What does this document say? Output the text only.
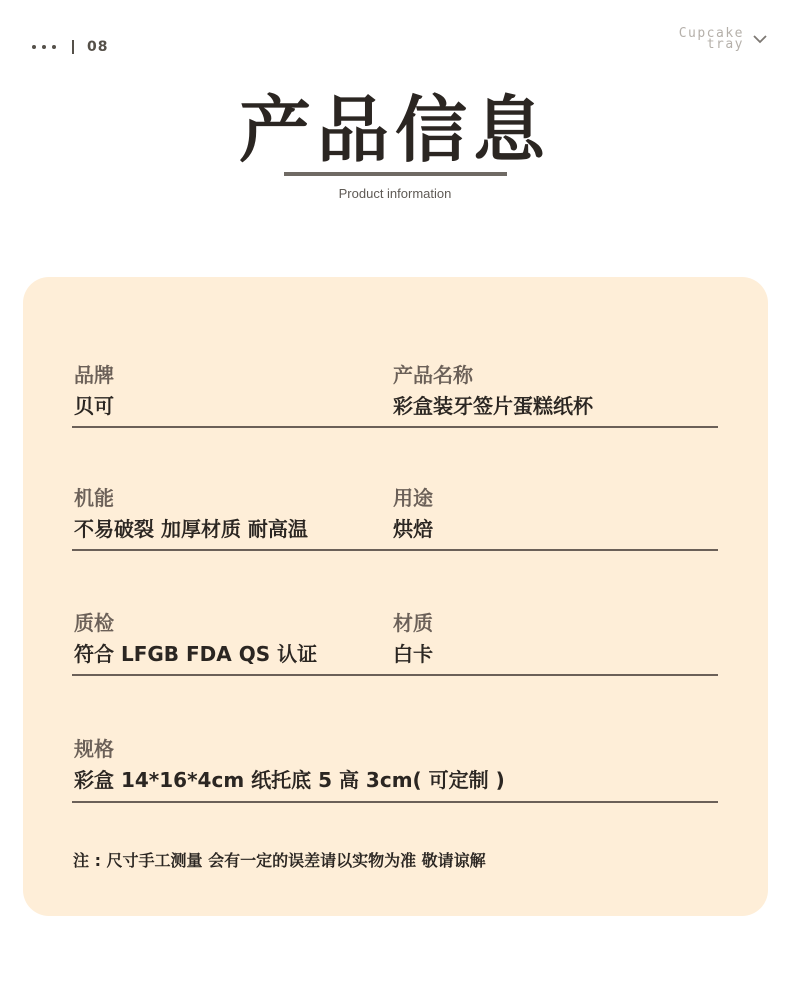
08
Cupcake
tray
产品信息
Product information
品牌
贝可
产品名称
彩盒装牙签片蛋糕纸杯
机能
不易破裂 加厚材质 耐高温
用途
烘焙
质检
符合 LFGB FDA QS 认证
材质
白卡
规格
彩盒 14*16*4cm 纸托底 5 高 3cm( 可定制 )
注 : 尺寸手工测量 会有一定的误差请以实物为准 敬请谅解
